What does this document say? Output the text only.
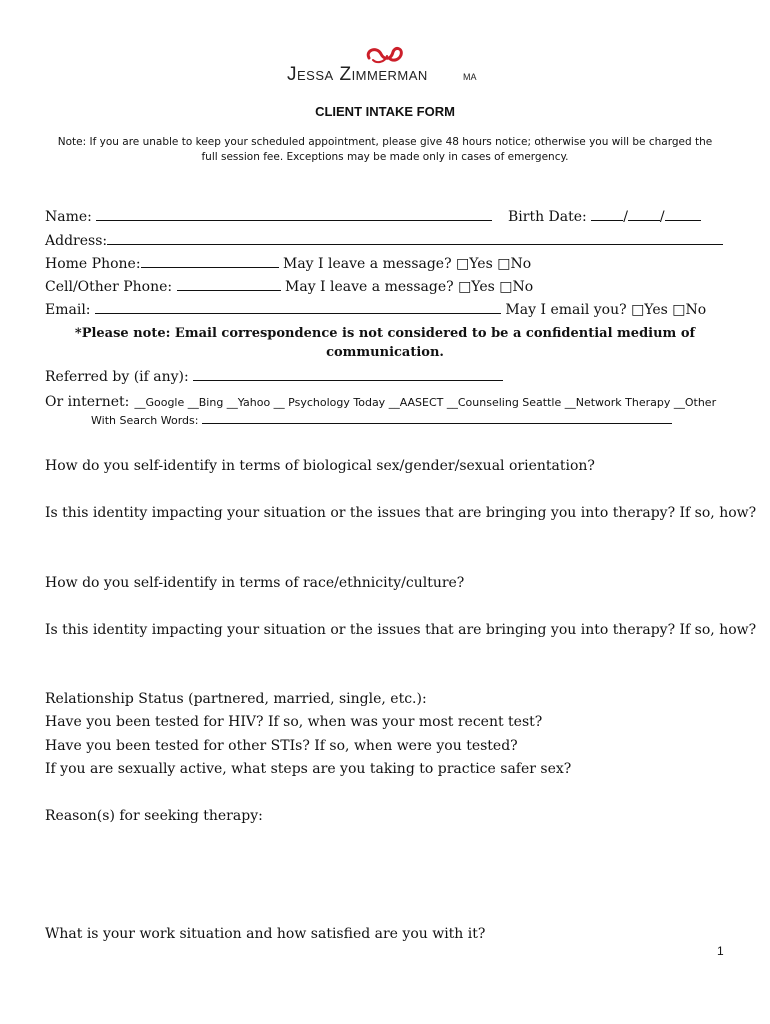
Jessa Zimmerman	MA
CLIENT INTAKE FORM
Note: If you are unable to keep your scheduled appointment, please give 48 hours notice; otherwise you will be charged the
full session fee. Exceptions may be made only in cases of emergency.
Name:	Birth Date:	/ /
Address:
Home Phone:	May I leave a message? □Yes □No
Cell/Other Phone:	May I leave a message? □Yes □No
Email:	May I email you? □Yes □No
*Please note: Email correspondence is not considered to be a confidential medium of
communication.
Referred by (if any):
Or internet: __Google __Bing __Yahoo __ Psychology Today __AASECT __Counseling Seattle __Network Therapy __Other
With Search Words:
How do you self-identify in terms of biological sex/gender/sexual orientation?
Is this identity impacting your situation or the issues that are bringing you into therapy? If so, how?
How do you self-identify in terms of race/ethnicity/culture?
Is this identity impacting your situation or the issues that are bringing you into therapy? If so, how?
Relationship Status (partnered, married, single, etc.):
Have you been tested for HIV? If so, when was your most recent test?
Have you been tested for other STIs? If so, when were you tested?
If you are sexually active, what steps are you taking to practice safer sex?
Reason(s) for seeking therapy:
What is your work situation and how satisfied are you with it?
1
